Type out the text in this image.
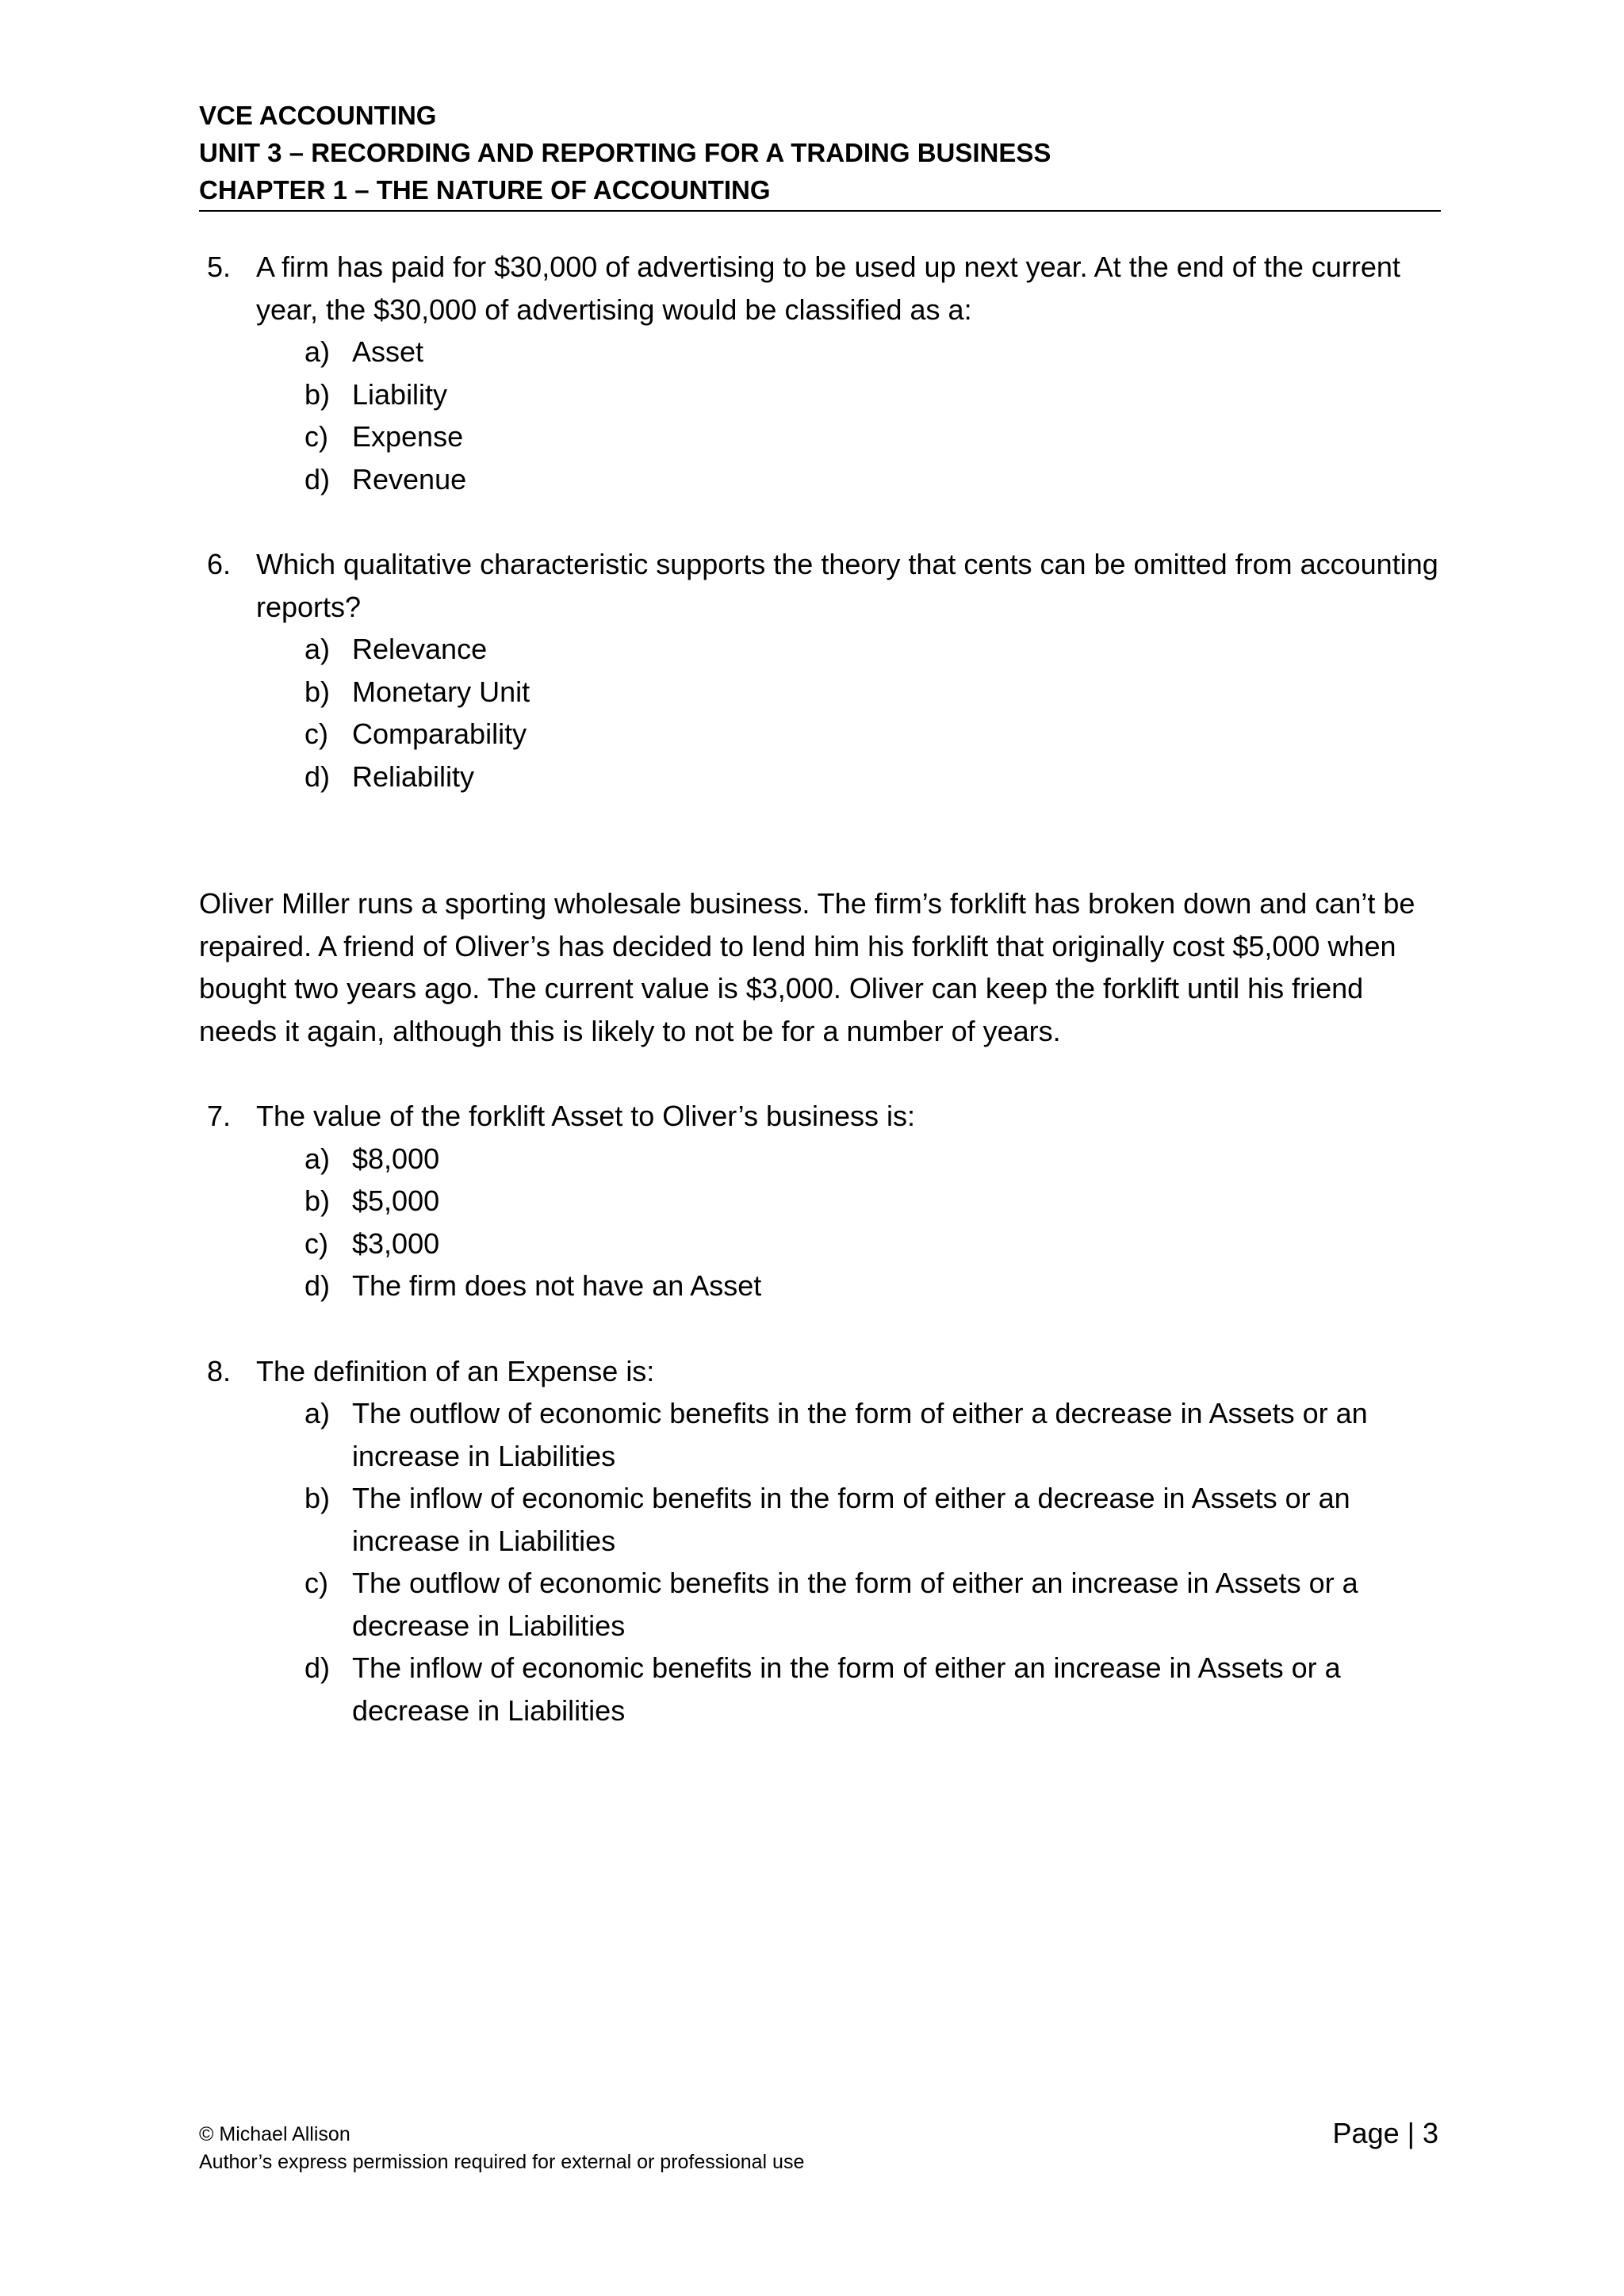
VCE ACCOUNTING
UNIT 3 – RECORDING AND REPORTING FOR A TRADING BUSINESS
CHAPTER 1 – THE NATURE OF ACCOUNTING
5. A firm has paid for $30,000 of advertising to be used up next year. At the end of the current year, the $30,000 of advertising would be classified as a:
a) Asset
b) Liability
c) Expense
d) Revenue
6. Which qualitative characteristic supports the theory that cents can be omitted from accounting reports?
a) Relevance
b) Monetary Unit
c) Comparability
d) Reliability

Oliver Miller runs a sporting wholesale business. The firm’s forklift has broken down and can’t be repaired. A friend of Oliver’s has decided to lend him his forklift that originally cost $5,000 when bought two years ago. The current value is $3,000. Oliver can keep the forklift until his friend needs it again, although this is likely to not be for a number of years.

7. The value of the forklift Asset to Oliver’s business is:
a) $8,000
b) $5,000
c) $3,000
d) The firm does not have an Asset
8. The definition of an Expense is:
a) The outflow of economic benefits in the form of either a decrease in Assets or an increase in Liabilities
b) The inflow of economic benefits in the form of either a decrease in Assets or an increase in Liabilities
c) The outflow of economic benefits in the form of either an increase in Assets or a decrease in Liabilities
d) The inflow of economic benefits in the form of either an increase in Assets or a decrease in Liabilities
© Michael Allison
Author’s express permission required for external or professional use
Page | 3
